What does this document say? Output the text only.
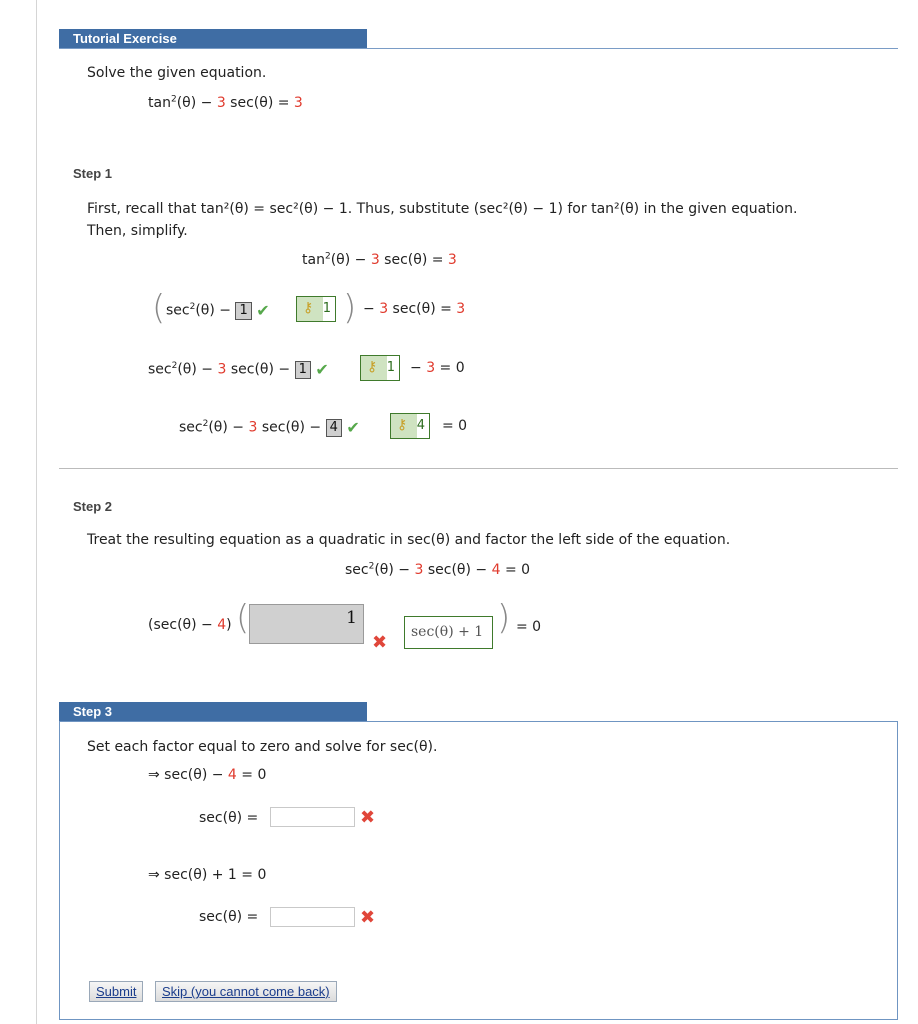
Tutorial Exercise
Solve the given equation.
$\tan^2(\theta) - 3$ sec(θ) = 3
Step 1
First, recall that tan²(θ) = sec²(θ) − 1. Thus, substitute (sec²(θ) − 1) for tan²(θ) in the given equation.
Then, simplify.
$\tan^2(\theta) - 3$ sec(θ) = 3
( $\sec^2(\theta) - 1$ ✔ ⚷ 1 ) − 3 sec(θ) = 3
$\sec^2(\theta) - 3$ sec(θ) − 1 ✔	⚷ 1 − 3 = 0
$\sec^2(\theta) - 3$ sec(θ) − 4 ✔	⚷ 4 = 0
Step 2
Treat the resulting equation as a quadratic in sec(θ) and factor the left side of the equation.
$\sec^2(\theta) - 3$ sec(θ) − 4 = 0
(sec(θ) − 4) (	1
✖ sec(θ) + 1 ) = 0
Step 3
Set each factor equal to zero and solve for sec(θ).
⇒ sec(θ) − 4 = 0
sec(θ) =	✖
⇒ sec(θ) + 1 = 0
sec(θ) =	✖
Submit	Skip (you cannot come back)
